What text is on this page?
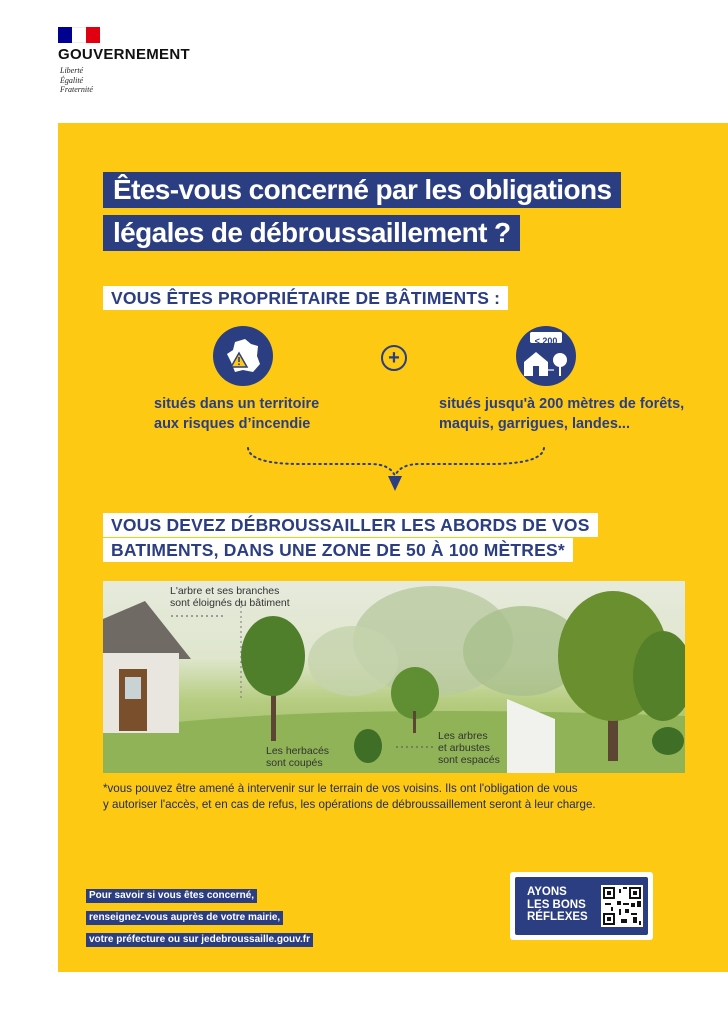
GOUVERNEMENT
Liberté
Égalité
Fraternité
Êtes-vous concerné par les obligations
légales de débroussaillement ?
VOUS ÊTES PROPRIÉTAIRE DE BÂTIMENTS :
+
< 200 m
situés dans un territoire
aux risques d’incendie
situés jusqu'à 200 mètres de forêts,
maquis, garrigues, landes...
VOUS DEVEZ DÉBROUSSAILLER LES ABORDS DE VOS
BATIMENTS, DANS UNE ZONE DE 50 À 100 MÈTRES*
L'arbre et ses branches
sont éloignés du bâtiment
Les herbacés
sont coupés
Les arbres
et arbustes
sont espacés
*vous pouvez être amené à intervenir sur le terrain de vos voisins. Ils ont l'obligation de vous
y autoriser l'accès, et en cas de refus, les opérations de débroussaillement seront à leur charge.
Pour savoir si vous êtes concerné,
renseignez-vous auprès de votre mairie,
votre préfecture ou sur jedebroussaille.gouv.fr
AYONS
LES BONS
RÉFLEXES
